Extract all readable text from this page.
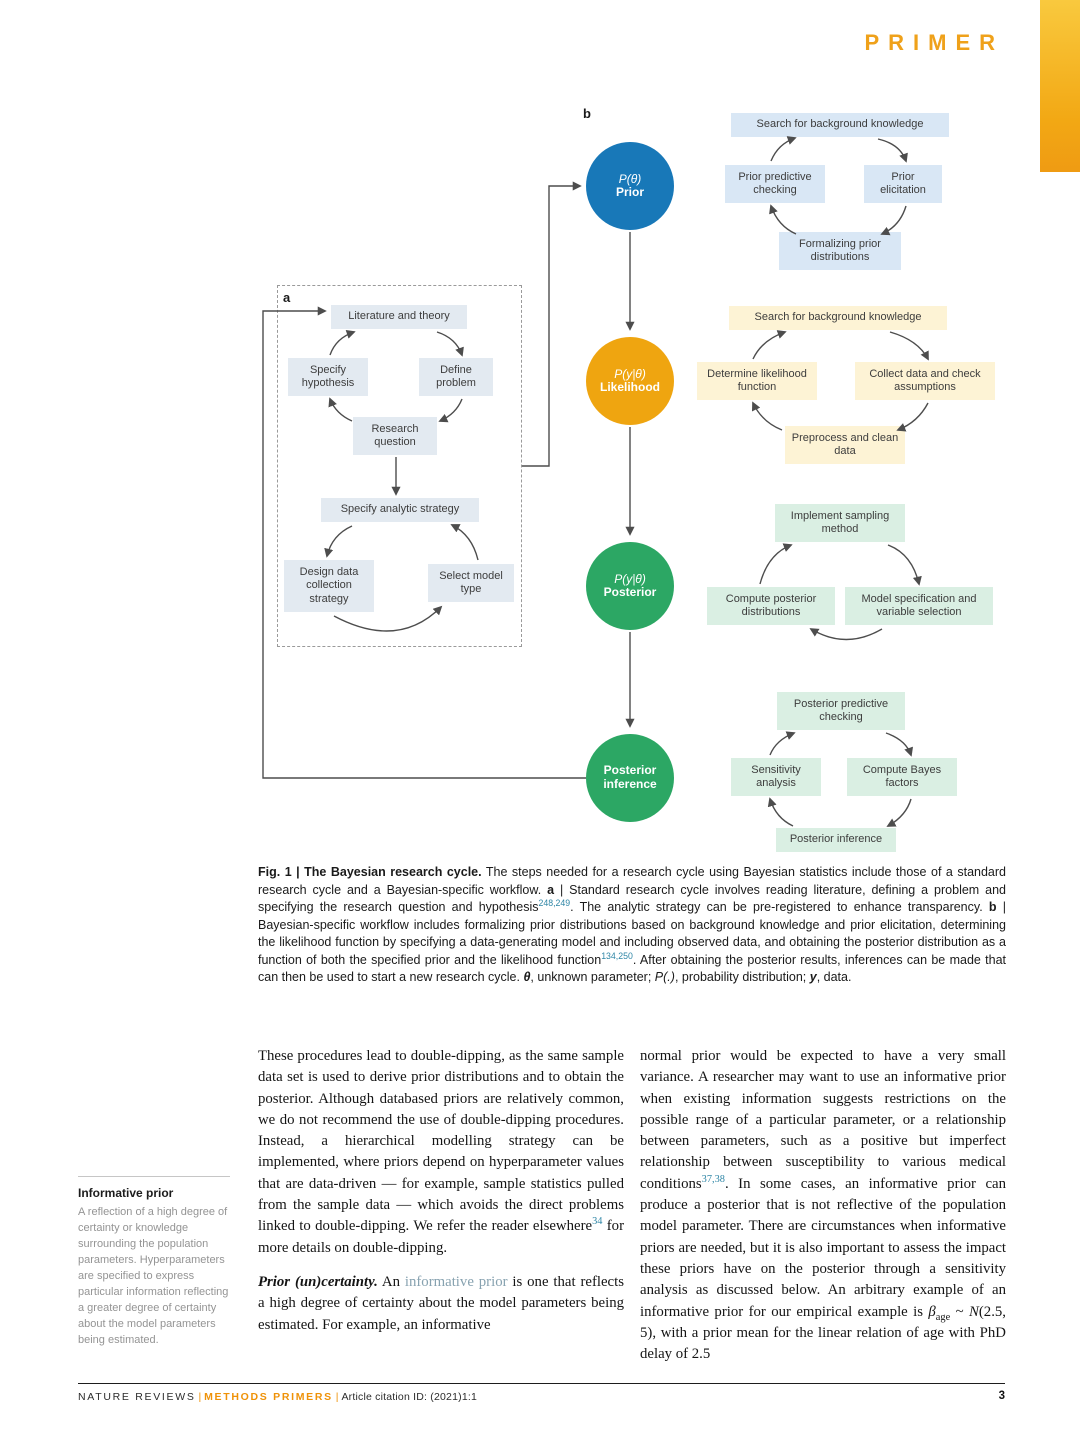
PRIMER
b
a
Literature and theory
Specify hypothesis
Define problem
Research question
Specify analytic strategy
Design data collection strategy
Select model type
P(θ)
Prior
P(y|θ)
Likelihood
P(y|θ)
Posterior
Posterior inference
Search for background knowledge
Prior predictive checking
Prior elicitation
Formalizing prior distributions
Search for background knowledge
Determine likelihood function
Collect data and check assumptions
Preprocess and clean data
Implement sampling method
Compute posterior distributions
Model specification and variable selection
Posterior predictive checking
Sensitivity analysis
Compute Bayes factors
Posterior inference

Fig. 1 | The Bayesian research cycle. The steps needed for a research cycle using Bayesian statistics include those of a standard research cycle and a Bayesian-specific workflow. a | Standard research cycle involves reading literature, defining a problem and specifying the research question and hypothesis$^{248,249}$. The analytic strategy can be pre-registered to enhance transparency. b | Bayesian-specific workflow includes formalizing prior distributions based on background knowledge and prior elicitation, determining the likelihood function by specifying a data-generating model and including observed data, and obtaining the posterior distribution as a function of both the specified prior and the likelihood function$^{134,250}$. After obtaining the posterior results, inferences can be made that can then be used to start a new research cycle. θ, unknown parameter; P(.), probability distribution; y, data.

These procedures lead to double-dipping, as the same sample data set is used to derive prior distributions and to obtain the posterior. Although databased priors are relatively common, we do not recommend the use of double-dipping procedures. Instead, a hierarchical modelling strategy can be implemented, where priors depend on hyperparameter values that are data-driven — for example, sample statistics pulled from the sample data — which avoids the direct problems linked to double-dipping. We refer the reader elsewhere$^{34}$ for more details on double-dipping.

Prior (un)certainty. An informative prior is one that reflects a high degree of certainty about the model parameters being estimated. For example, an informative

normal prior would be expected to have a very small variance. A researcher may want to use an informative prior when existing information suggests restrictions on the possible range of a particular parameter, or a relationship between parameters, such as a positive but imperfect relationship between susceptibility to various medical conditions$^{37,38}$. In some cases, an informative prior can produce a posterior that is not reflective of the population model parameter. There are circumstances when informative priors are needed, but it is also important to assess the impact these priors have on the posterior through a sensitivity analysis as discussed below. An arbitrary example of an informative prior for our empirical example is $\beta_{age}$ ~ N(2.5, 5), with a prior mean for the linear relation of age with PhD delay of 2.5

Informative prior
A reflection of a high degree of certainty or knowledge surrounding the population parameters. Hyperparameters are specified to express particular information reflecting a greater degree of certainty about the model parameters being estimated.
NATURE REVIEWS | METHODS PRIMERS | Article citation ID: (2021)1:1	3
